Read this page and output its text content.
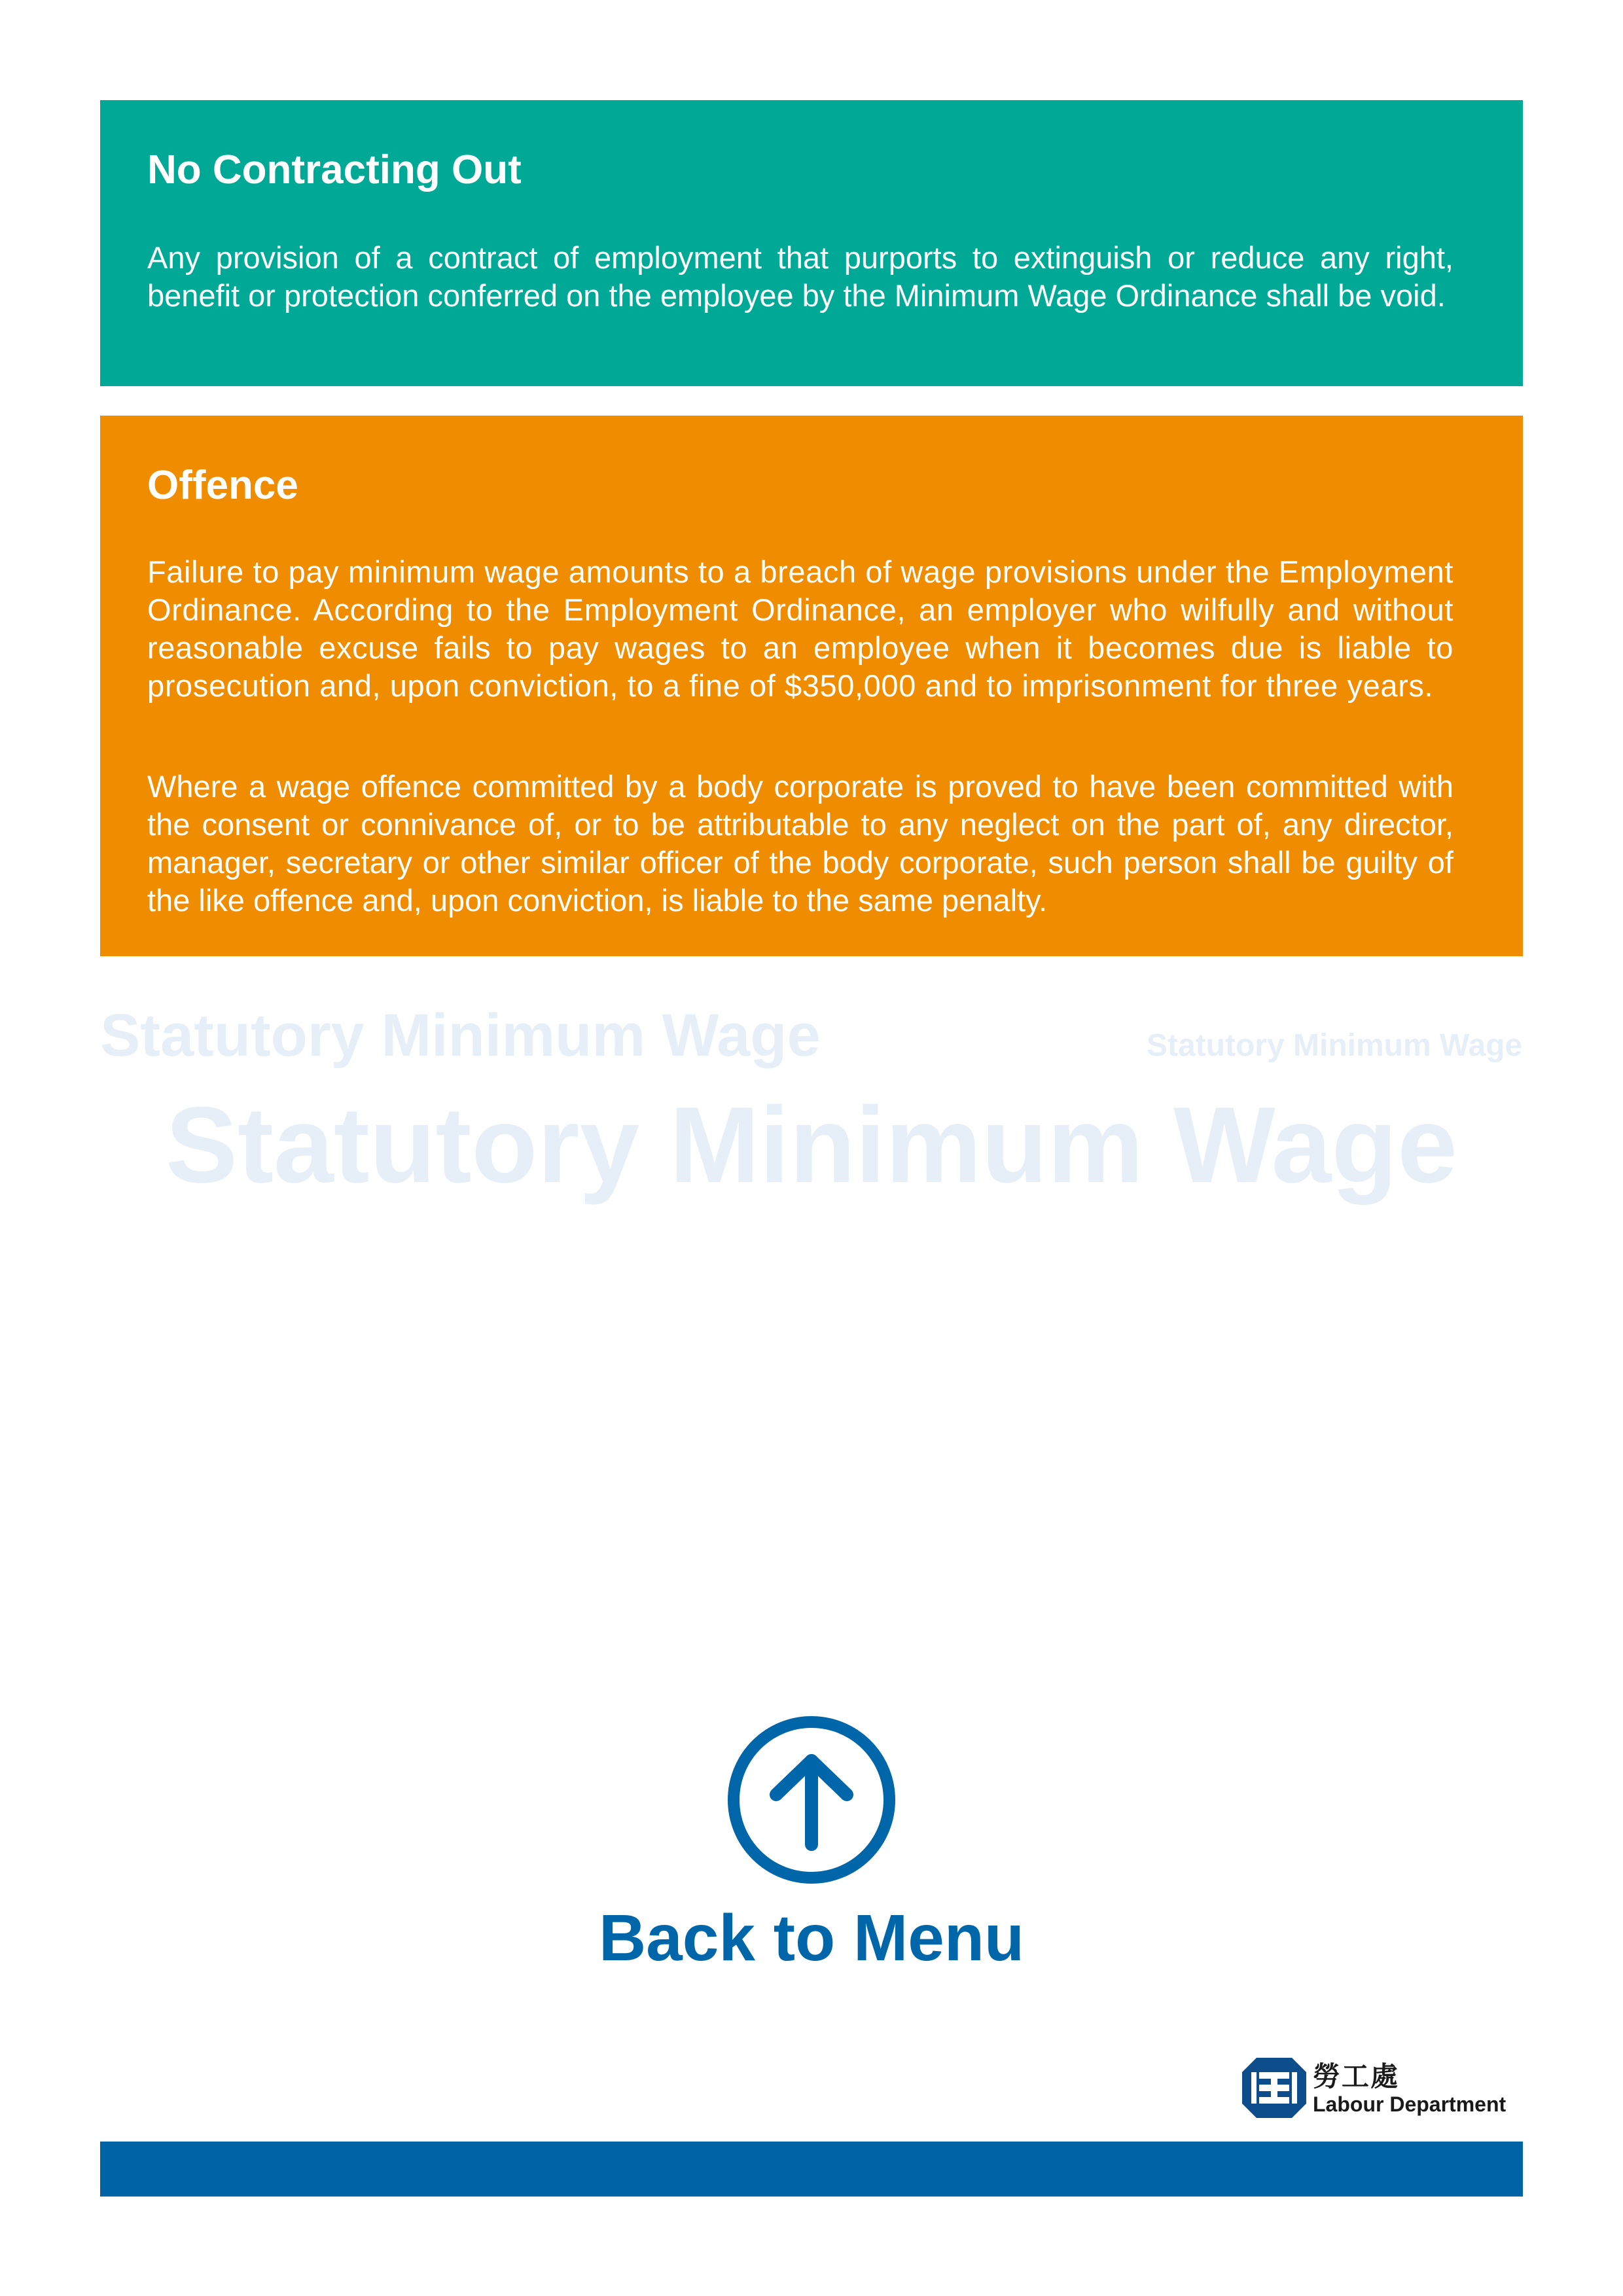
No Contracting Out

Any provision of a contract of employment that purports to extinguish or reduce any right, benefit or protection conferred on the employee by the Minimum Wage Ordinance shall be void.

Offence

Failure to pay minimum wage amounts to a breach of wage provisions under the Employment Ordinance. According to the Employment Ordinance, an employer who wilfully and without reasonable excuse fails to pay wages to an employee when it becomes due is liable to prosecution and, upon conviction, to a fine of $350,000 and to imprisonment for three years.

Where a wage offence committed by a body corporate is proved to have been committed with the consent or connivance of, or to be attributable to any neglect on the part of, any director, manager, secretary or other similar officer of the body corporate, such person shall be guilty of the like offence and, upon conviction, is liable to the same penalty.

Statutory Minimum Wage	Statutory Minimum Wage
Statutory Minimum Wage
Back to Menu
勞工處
Labour Department
